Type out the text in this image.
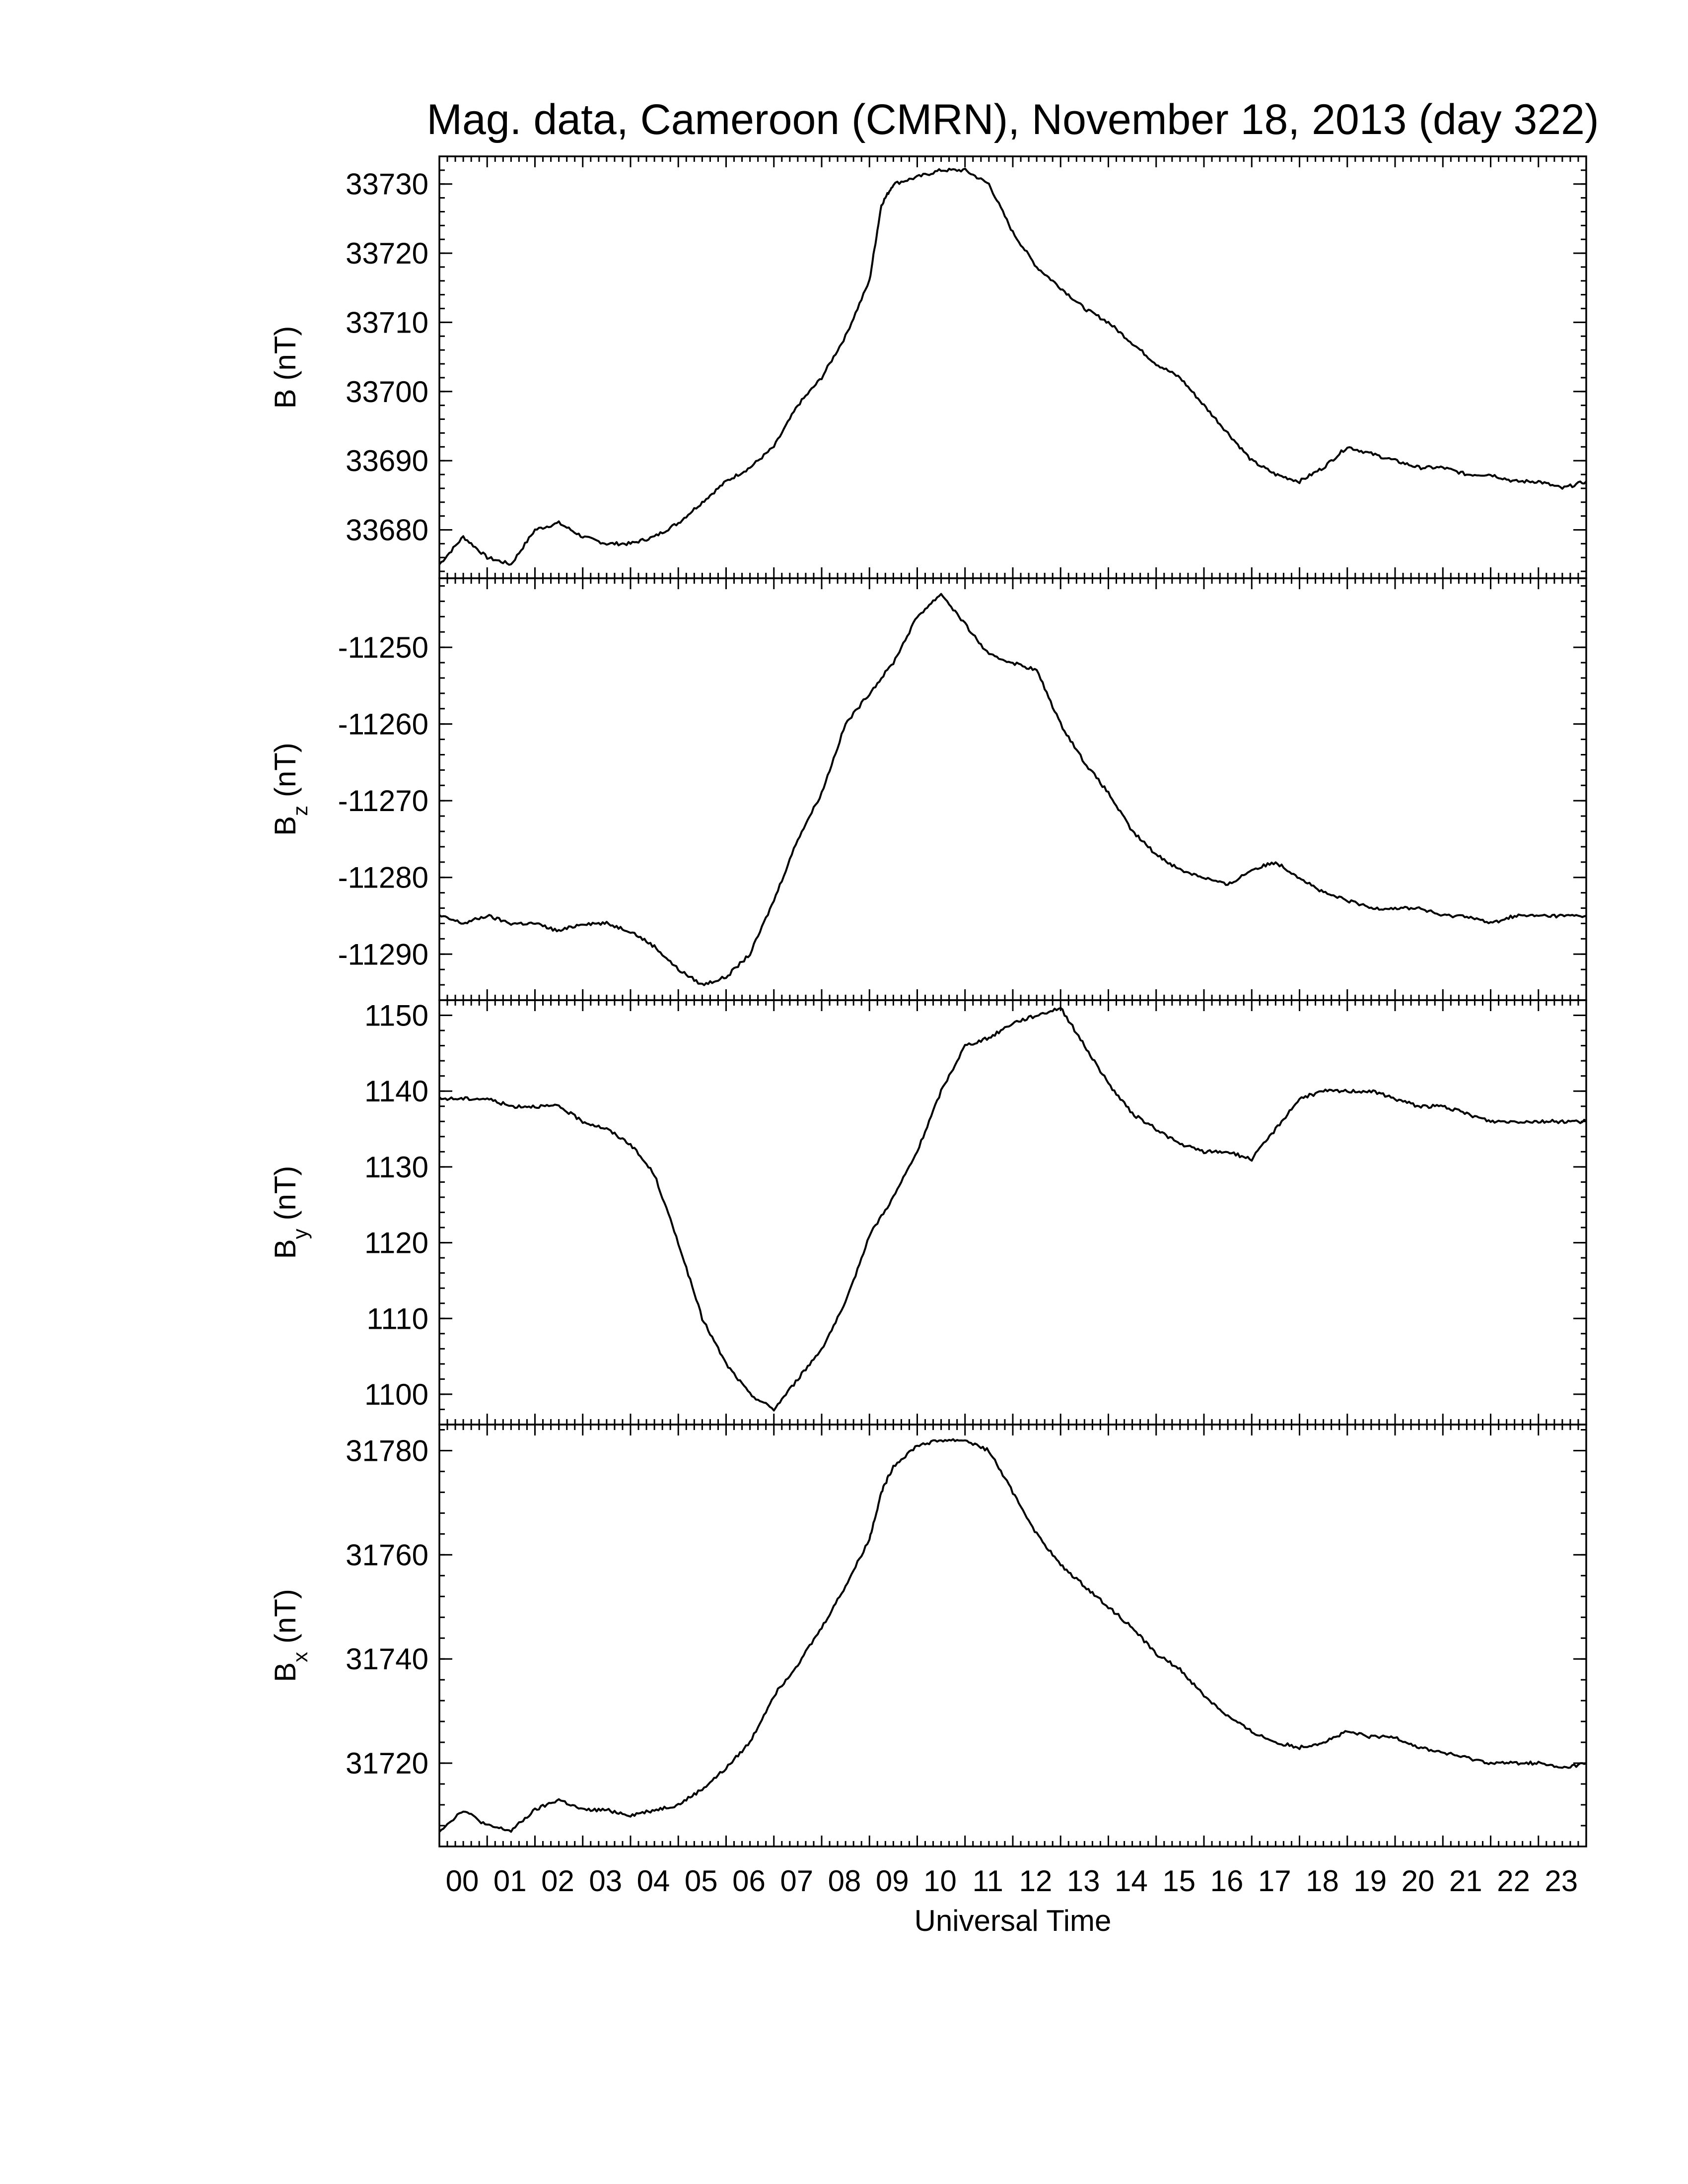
Mag. data, Cameroon (CMRN), November 18, 2013 (day 322)
33680
33690
33700
33710
33720
33730
B (nT)
-11290
-11280
-11270
-11260
-11250
$B_z$ (nT)
1100
1110
1120
1130
1140
1150
$B_y$ (nT)
31720
31740
31760
31780
$B_x$ (nT)
00 01 02 03 04 05 06 07 08 09 10 11 12 13 14 15 16 17 18 19 20 21 22 23
Universal Time
